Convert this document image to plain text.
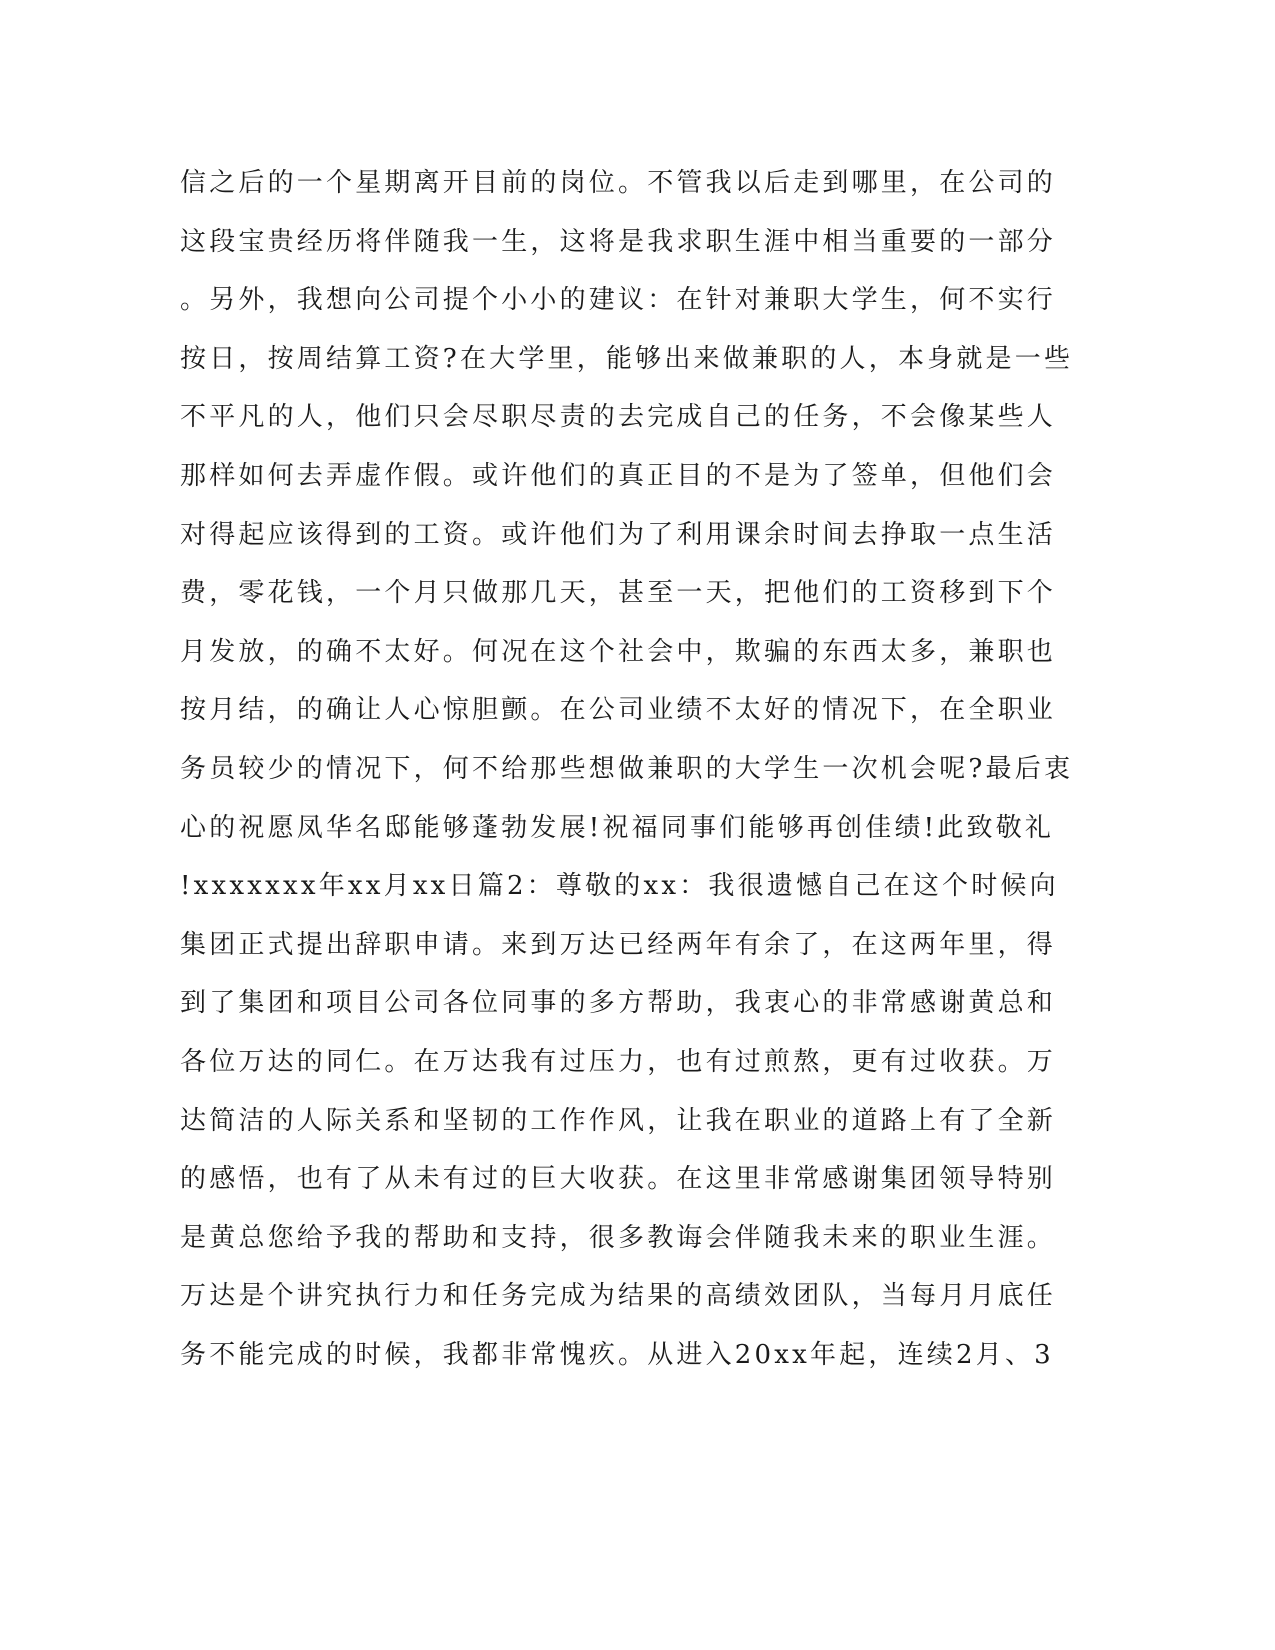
信之后的一个星期离开目前的岗位。不管我以后走到哪里，在公司的
这段宝贵经历将伴随我一生，这将是我求职生涯中相当重要的一部分
。另外，我想向公司提个小小的建议：在针对兼职大学生，何不实行
按日，按周结算工资?在大学里，能够出来做兼职的人，本身就是一些
不平凡的人，他们只会尽职尽责的去完成自己的任务，不会像某些人
那样如何去弄虚作假。或许他们的真正目的不是为了签单，但他们会
对得起应该得到的工资。或许他们为了利用课余时间去挣取一点生活
费，零花钱，一个月只做那几天，甚至一天，把他们的工资移到下个
月发放，的确不太好。何况在这个社会中，欺骗的东西太多，兼职也
按月结，的确让人心惊胆颤。在公司业绩不太好的情况下，在全职业
务员较少的情况下，何不给那些想做兼职的大学生一次机会呢?最后衷
心的祝愿凤华名邸能够蓬勃发展!祝福同事们能够再创佳绩!此致敬礼
!xxxxxxx年xx月xx日篇2：尊敬的xx：我很遗憾自己在这个时候向
集团正式提出辞职申请。来到万达已经两年有余了，在这两年里，得
到了集团和项目公司各位同事的多方帮助，我衷心的非常感谢黄总和
各位万达的同仁。在万达我有过压力，也有过煎熬，更有过收获。万
达简洁的人际关系和坚韧的工作作风，让我在职业的道路上有了全新
的感悟，也有了从未有过的巨大收获。在这里非常感谢集团领导特别
是黄总您给予我的帮助和支持，很多教诲会伴随我未来的职业生涯。
万达是个讲究执行力和任务完成为结果的高绩效团队，当每月月底任
务不能完成的时候，我都非常愧疚。从进入20xx年起，连续2月、3
